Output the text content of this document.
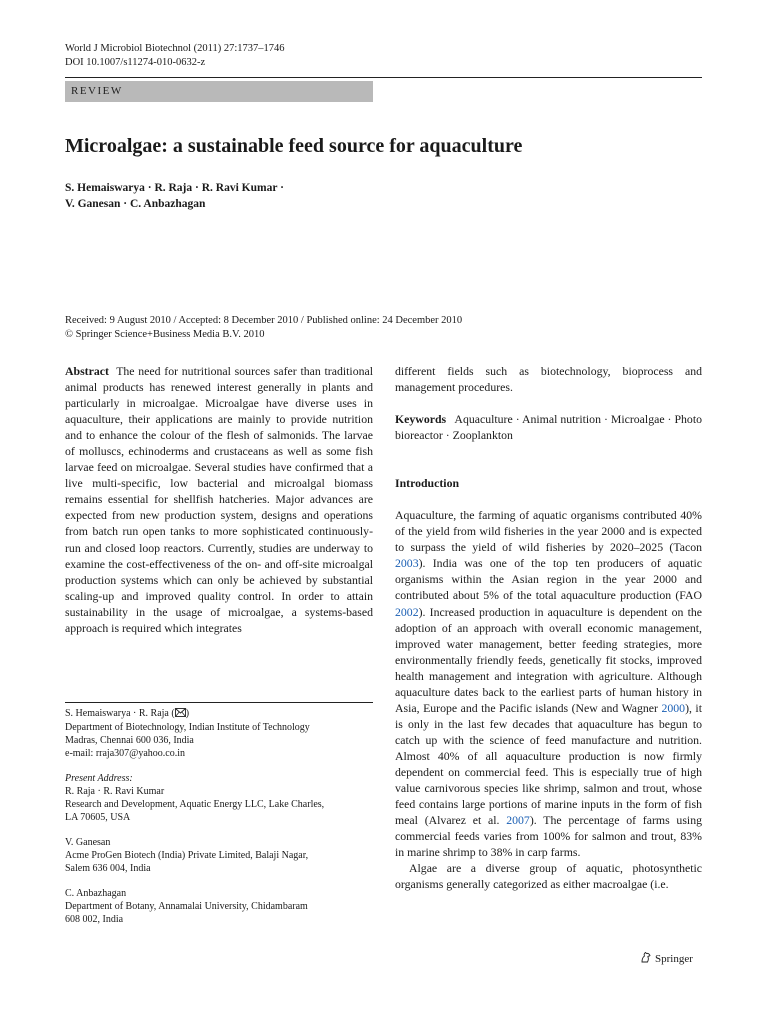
World J Microbiol Biotechnol (2011) 27:1737–1746
DOI 10.1007/s11274-010-0632-z
REVIEW
Microalgae: a sustainable feed source for aquaculture
S. Hemaiswarya · R. Raja · R. Ravi Kumar ·
V. Ganesan · C. Anbazhagan
Received: 9 August 2010 / Accepted: 8 December 2010 / Published online: 24 December 2010
© Springer Science+Business Media B.V. 2010

Abstract The need for nutritional sources safer than traditional animal products has renewed interest generally in plants and particularly in microalgae. Microalgae have diverse uses in aquaculture, their applications are mainly to provide nutrition and to enhance the colour of the flesh of salmonids. The larvae of molluscs, echinoderms and crustaceans as well as some fish larvae feed on microalgae. Several studies have confirmed that a live multi-specific, low bacterial and microalgal biomass remains essential for shellfish hatcheries. Major advances are expected from new production system, designs and operations from batch run open tanks to more sophisticated continuously-run and closed loop reactors. Currently, studies are underway to examine the cost-effectiveness of the on- and off-site microalgal production systems which can only be achieved by substantial scaling-up and improved quality control. In order to attain sustainability in the usage of microalgae, a systems-based approach is required which integrates

S. Hemaiswarya · R. Raja ( )
Department of Biotechnology, Indian Institute of Technology
Madras, Chennai 600 036, India
e-mail: rraja307@yahoo.co.in
Present Address:
R. Raja · R. Ravi Kumar
Research and Development, Aquatic Energy LLC, Lake Charles,
LA 70605, USA
V. Ganesan
Acme ProGen Biotech (India) Private Limited, Balaji Nagar,
Salem 636 004, India
C. Anbazhagan
Department of Botany, Annamalai University, Chidambaram
608 002, India

different fields such as biotechnology, bioprocess and management procedures.

Keywords Aquaculture · Animal nutrition · Microalgae · Photo bioreactor · Zooplankton

Introduction

Aquaculture, the farming of aquatic organisms contributed 40% of the yield from wild fisheries in the year 2000 and is expected to surpass the yield of wild fisheries by 2020–2025 (Tacon 2003). India was one of the top ten producers of aquatic organisms within the Asian region in the year 2000 and contributed about 5% of the total aquaculture production (FAO 2002). Increased production in aquaculture is dependent on the adoption of an approach with overall economic management, improved water management, better feeding strategies, more environmentally friendly feeds, genetically fit stocks, improved health management and integration with agriculture. Although aquaculture dates back to the earliest parts of human history in Asia, Europe and the Pacific islands (New and Wagner 2000), it is only in the last few decades that aquaculture has begun to catch up with the science of feed manufacture and nutrition. Almost 40% of all aquaculture production is now firmly dependent on commercial feed. This is especially true of high value carnivorous species like shrimp, salmon and trout, whose feed contains large portions of marine inputs in the form of fish meal (Alvarez et al. 2007). The percentage of farms using commercial feeds varies from 100% for salmon and trout, 83% in marine shrimp to 38% in carp farms.

Algae are a diverse group of aquatic, photosynthetic organisms generally categorized as either macroalgae (i.e.

Springer
